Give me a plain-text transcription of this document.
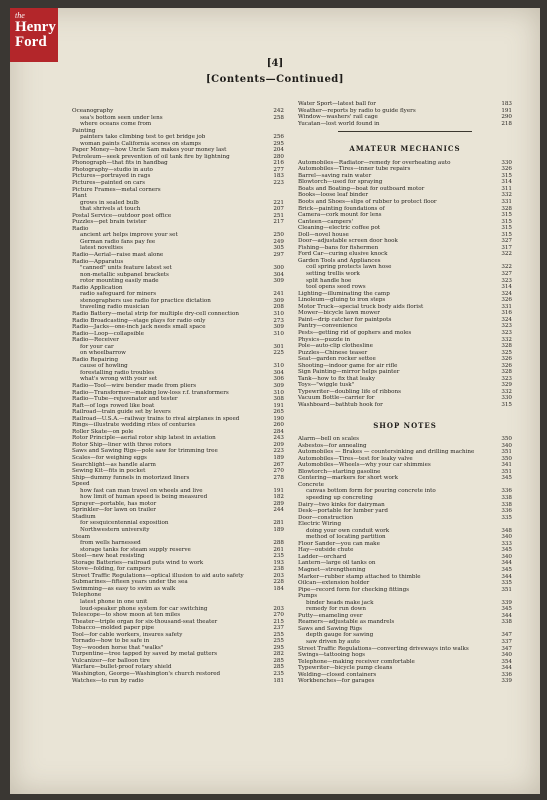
the
Henry
Ford
[4]
[Contents—Continued]
Oceanography	242
sea's bottom seen under lens	258
where oceans come from
Painting
painters take climbing test to get bridge job	256
woman paints California scenes on stamps	295
Paper Money—how Uncle Sam makes your money last	204
Petroleum—seek prevention of oil tank fire by lightning	280
Phonograph—that fits in handbag	216
Photography—studio in auto	277
Pictures—portrayed in rags	183
Pictures—painted on cars	223
Picture Frames—metal corners
Plant
grows in sealed bulb	221
that shrivels at touch	207
Postal Service—outdoor post office	251
Puzzles—pet brain twister	217
Radio
ancient art helps improve your set	250
German radio fans pay fee	249
latest novelties	305
Radio—Aerial—raise mast alone	297
Radio—Apparatus
"canned" units feature latest set	300
non-metallic subpanel brackets	304
rotor mounting easily made	309
Radio Application
radio safeguard for miners	241
stenographers use radio for practice dictation	309
traveling radio musician	208
Radio Battery—metal strip for multiple dry-cell connection	310
Radio Broadcasting—stage plays for radio only	273
Radio—Jacks—one-inch jack needs small space	309
Radio—Loop—collapsible	310
Radio—Receiver
for your car	301
on wheelbarrow	225
Radio Repairing
cause of howling	310
forestalling radio troubles	304
what's wrong with your set	306
Radio—Tool—wire bender made from pliers	309
Radio—Transformer—making low-loss r.f. transformers	310
Radio—Tube—rejuvenator and tester	308
Raft—of logs rowed like boat	191
Railroad—train guide set by levers	265
Railroad—U.S.A.—railway trains to rival airplanes in speed	190
Rings—illustrate wedding rites of centuries	260
Roller Skate—on pole	284
Rotor Principle—aerial rotor ship latest in aviation	243
Rotor Ship—liner with three rotors	209
Saws and Sawing Rigs—pole saw for trimming tree	223
Scales—for weighing eggs	189
Searchlight—as handle alarm	267
Sewing Kit—fits in pocket	270
Ship—dummy funnels in motorized liners	278
Speed
how fast can man travel on wheels and live	191
how limit of human speed is being measured	182
Sprayer—portable, has motor	289
Sprinkler—for lawn on trailer	244
Stadium
for sesquicentennial exposition	281
Northwestern university	189
Steam
from wells harnessed	288
storage tanks for steam supply reserve	261
Steel—new heat resisting	235
Storage Batteries—railroad puts wind to work	193
Stove—folding, for campers	238
Street Traffic Regulations—optical illusion to aid auto safety	203
Submarines—fifteen years under the sea	228
Swimming—as easy to swim as walk	184
Telephone
latest phone in one unit
loud-speaker phone system for car switching	203
Telescope—to show moon at ten miles	270
Theater—triple organ for six-thousand-seat theater	215
Tobacco—molded paper pipe	237
Tool—for cable workers, insures safety	255
Tornado—how to be safe in	255
Toy—wooden horse that "walks"	295
Turpentine—tree tapped by saved by metal gutters	282
Vulcanizer—for balloon tire	285
Warfare—bullet-proof rotary shield	285
Washington, George—Washington's church restored	235
Watches—to run by radio	181
Water Sport—latest ball for	183
Weather—reports by radio to guide flyers	191
Window—washers' rail cage	290
Yucatan—lost world found in	218
AMATEUR MECHANICS
Automobiles—Radiator—remedy for overheating auto	330
Automobiles—Tires—inner tube repairs	326
Barrel—saving rain water	315
Blowtorch—used for spraying	314
Boats and Boating—boat for outboard motor	311
Books—loose leaf binder	332
Boots and Shoes—slips of rubber to protect floor	331
Brick—painting foundations of	328
Camera—cork mount for lens	315
Canteen—campers'	315
Cleaning—electric coffee pot	315
Doll—novel house	315
Door—adjustable screen door hook	327
Fishing—bans for fishermen	317
Ford Car—curing elusive knock	322
Garden Tools and Appliances
coil spring protects lawn hose	322
setting trellis work	327
split handle hoe	323
tool opens seed rows	314
Lighting—illuminating the camp	324
Linoleum—gluing to iron steps	326
Motor Truck—special truck body aids florist	331
Mower—bicycle lawn mower	316
Paint—drip catcher for paintpots	324
Pantry—convenience	323
Pests—getting rid of gophers and moles	323
Physics—puzzle in	332
Pole—auto-clip clothesline	328
Puzzles—Chinese teaser	325
Seat—garden rocker settee	326
Shooting—indoor game for air rifle	326
Sign Painting—mirror helps painter	328
Tank—how to fix that leaky	323
Toys—"wiggle tusk"	329
Typewriter—doubling life of ribbons	332
Vacuum Bottle—carrier for	330
Washboard—bathtub hook for	315
SHOP NOTES
Alarm—bell on scales	350
Asbestos—for annealing	340
Automobiles — Brakes — countersinking and drilling machine	351
Automobiles—Tires—test for leaky valve	350
Automobiles—Wheels—why your car shimmies	341
Blowtorch—starting gasoline	351
Centering—markers for short work	345
Concrete
canvas bottom form for pouring concrete into	336
speeding up concreting	338
Dairy—two kinks for dairyman	338
Desk—portable for lumber yard	336
Door—construction	335
Electric Wiring
doing your own conduit work	348
method of locating partition	340
Floor Sander—you can make	333
Hay—outside chute	345
Ladder—orchard	340
Lantern—large oil tanks on	344
Magnet—strengthening	345
Marker—rubber stamp attached to thimble	344
Oilcan—extension holder	335
Pipe—record form for checking fittings	351
Pumps
binder heads make jack	339
remedy for run down	345
Putty—enameling over	344
Reamers—adjustable as mandrels	338
Saws and Sawing Rigs
depth gauge for sawing	347
saw driven by auto	337
Street Traffic Regulations—converting driveways into walks	347
Swings—tattooing hogs	340
Telephone—making receiver comfortable	354
Typewriter—bicycle pump cleans	344
Welding—closed containers	336
Workbenches—for garages	339
